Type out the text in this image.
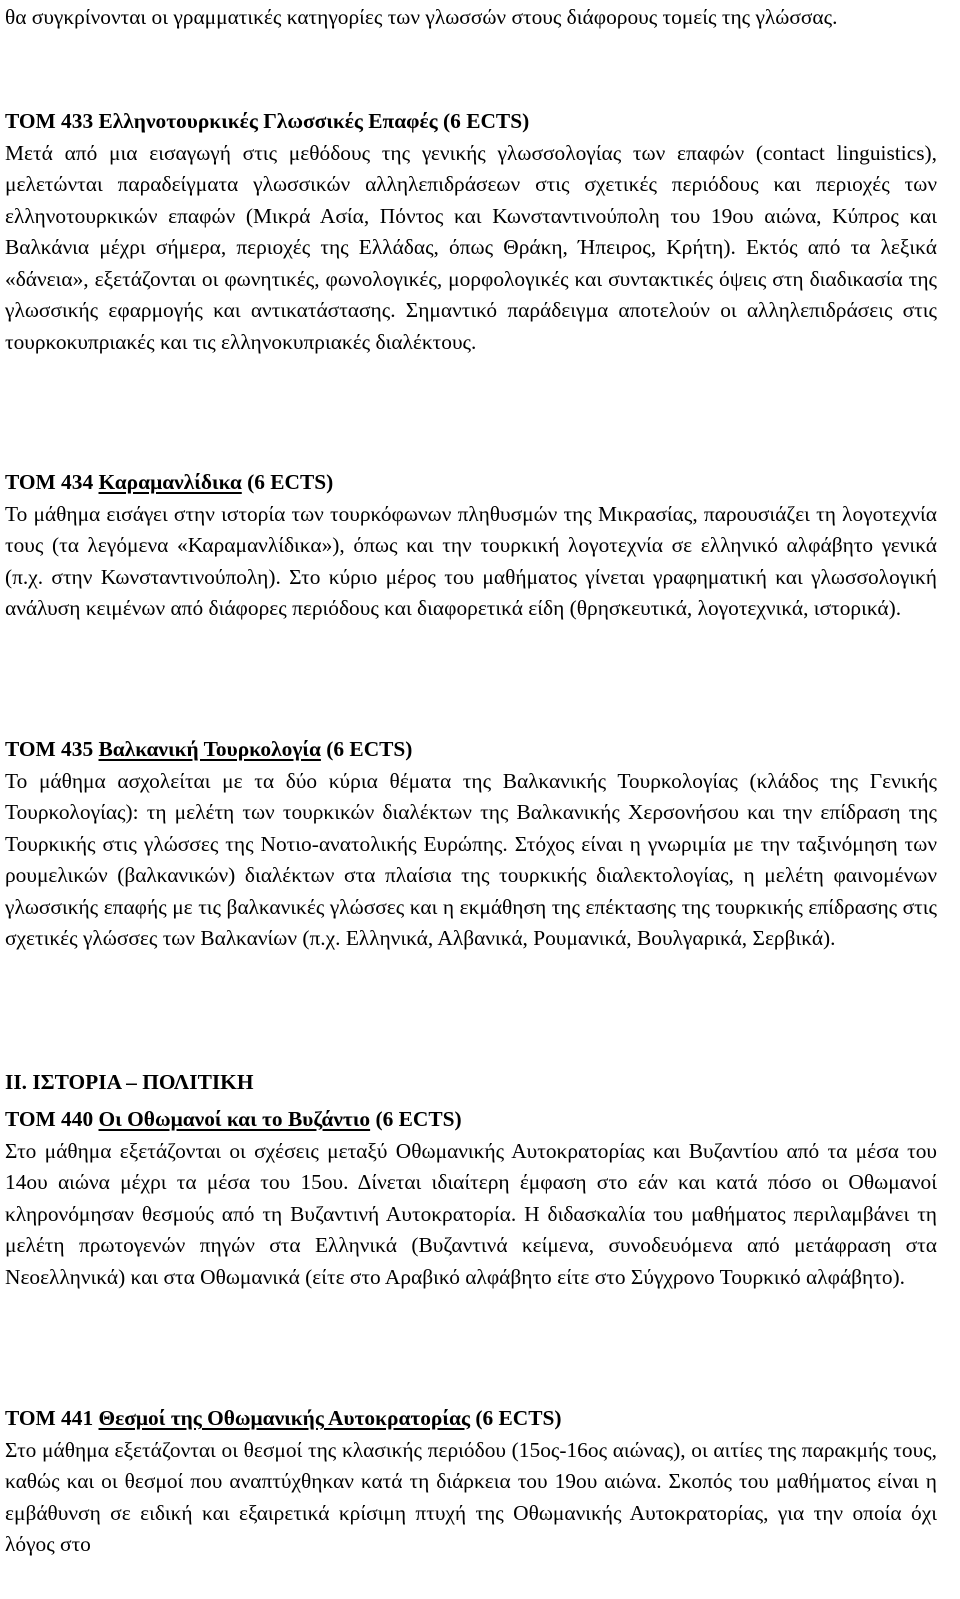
θα συγκρίνονται οι γραμματικές κατηγορίες των γλωσσών στους διάφορους τομείς της γλώσσας.

ΤΟΜ 433 Ελληνοτουρκικές Γλωσσικές Επαφές (6 ECTS)

Μετά από μια εισαγωγή στις μεθόδους της γενικής γλωσσολογίας των επαφών (contact linguistics), μελετώνται παραδείγματα γλωσσικών αλληλεπιδράσεων στις σχετικές περιόδους και περιοχές των ελληνοτουρκικών επαφών (Μικρά Ασία, Πόντος και Κωνσταντινούπολη του 19ου αιώνα, Κύπρος και Βαλκάνια μέχρι σήμερα, περιοχές της Ελλάδας, όπως Θράκη, Ήπειρος, Κρήτη). Εκτός από τα λεξικά «δάνεια», εξετάζονται οι φωνητικές, φωνολογικές, μορφολογικές και συντακτικές όψεις στη διαδικασία της γλωσσικής εφαρμογής και αντικατάστασης. Σημαντικό παράδειγμα αποτελούν οι αλληλεπιδράσεις στις τουρκοκυπριακές και τις ελληνοκυπριακές διαλέκτους.

ΤΟΜ 434 Καραμανλίδικα (6 ECTS)

Το μάθημα εισάγει στην ιστορία των τουρκόφωνων πληθυσμών της Μικρασίας, παρουσιάζει τη λογοτεχνία τους (τα λεγόμενα «Καραμανλίδικα»), όπως και την τουρκική λογοτεχνία σε ελληνικό αλφάβητο γενικά (π.χ. στην Κωνσταντινούπολη). Στο κύριο μέρος του μαθήματος γίνεται γραφηματική και γλωσσολογική ανάλυση κειμένων από διάφορες περιόδους και διαφορετικά είδη (θρησκευτικά, λογοτεχνικά, ιστορικά).

ΤΟΜ 435 Βαλκανική Τουρκολογία (6 ECTS)

Το μάθημα ασχολείται με τα δύο κύρια θέματα της Βαλκανικής Τουρκολογίας (κλάδος της Γενικής Τουρκολογίας): τη μελέτη των τουρκικών διαλέκτων της Βαλκανικής Χερσονήσου και την επίδραση της Τουρκικής στις γλώσσες της Νοτιο-ανατολικής Ευρώπης. Στόχος είναι η γνωριμία με την ταξινόμηση των ρουμελικών (βαλκανικών) διαλέκτων στα πλαίσια της τουρκικής διαλεκτολογίας, η μελέτη φαινομένων γλωσσικής επαφής με τις βαλκανικές γλώσσες και η εκμάθηση της επέκτασης της τουρκικής επίδρασης στις σχετικές γλώσσες των Βαλκανίων (π.χ. Ελληνικά, Αλβανικά, Ρουμανικά, Βουλγαρικά, Σερβικά).

ΙΙ. ΙΣΤΟΡΙΑ – ΠΟΛΙΤΙΚΗ

ΤΟΜ 440 Οι Οθωμανοί και το Βυζάντιο (6 ECTS)

Στο μάθημα εξετάζονται οι σχέσεις μεταξύ Οθωμανικής Αυτοκρατορίας και Βυζαντίου από τα μέσα του 14ου αιώνα μέχρι τα μέσα του 15ου. Δίνεται ιδιαίτερη έμφαση στο εάν και κατά πόσο οι Οθωμανοί κληρονόμησαν θεσμούς από τη Βυζαντινή Αυτοκρατορία. Η διδασκαλία του μαθήματος περιλαμβάνει τη μελέτη πρωτογενών πηγών στα Ελληνικά (Βυζαντινά κείμενα, συνοδευόμενα από μετάφραση στα Νεοελληνικά) και στα Οθωμανικά (είτε στο Αραβικό αλφάβητο είτε στο Σύγχρονο Τουρκικό αλφάβητο).

ΤΟΜ 441 Θεσμοί της Οθωμανικής Αυτοκρατορίας (6 ECTS)

Στο μάθημα εξετάζονται οι θεσμοί της κλασικής περιόδου (15ος-16ος αιώνας), οι αιτίες της παρακμής τους, καθώς και οι θεσμοί που αναπτύχθηκαν κατά τη διάρκεια του 19ου αιώνα. Σκοπός του μαθήματος είναι η εμβάθυνση σε ειδική και εξαιρετικά κρίσιμη πτυχή της Οθωμανικής Αυτοκρατορίας, για την οποία όχι λόγος στο
